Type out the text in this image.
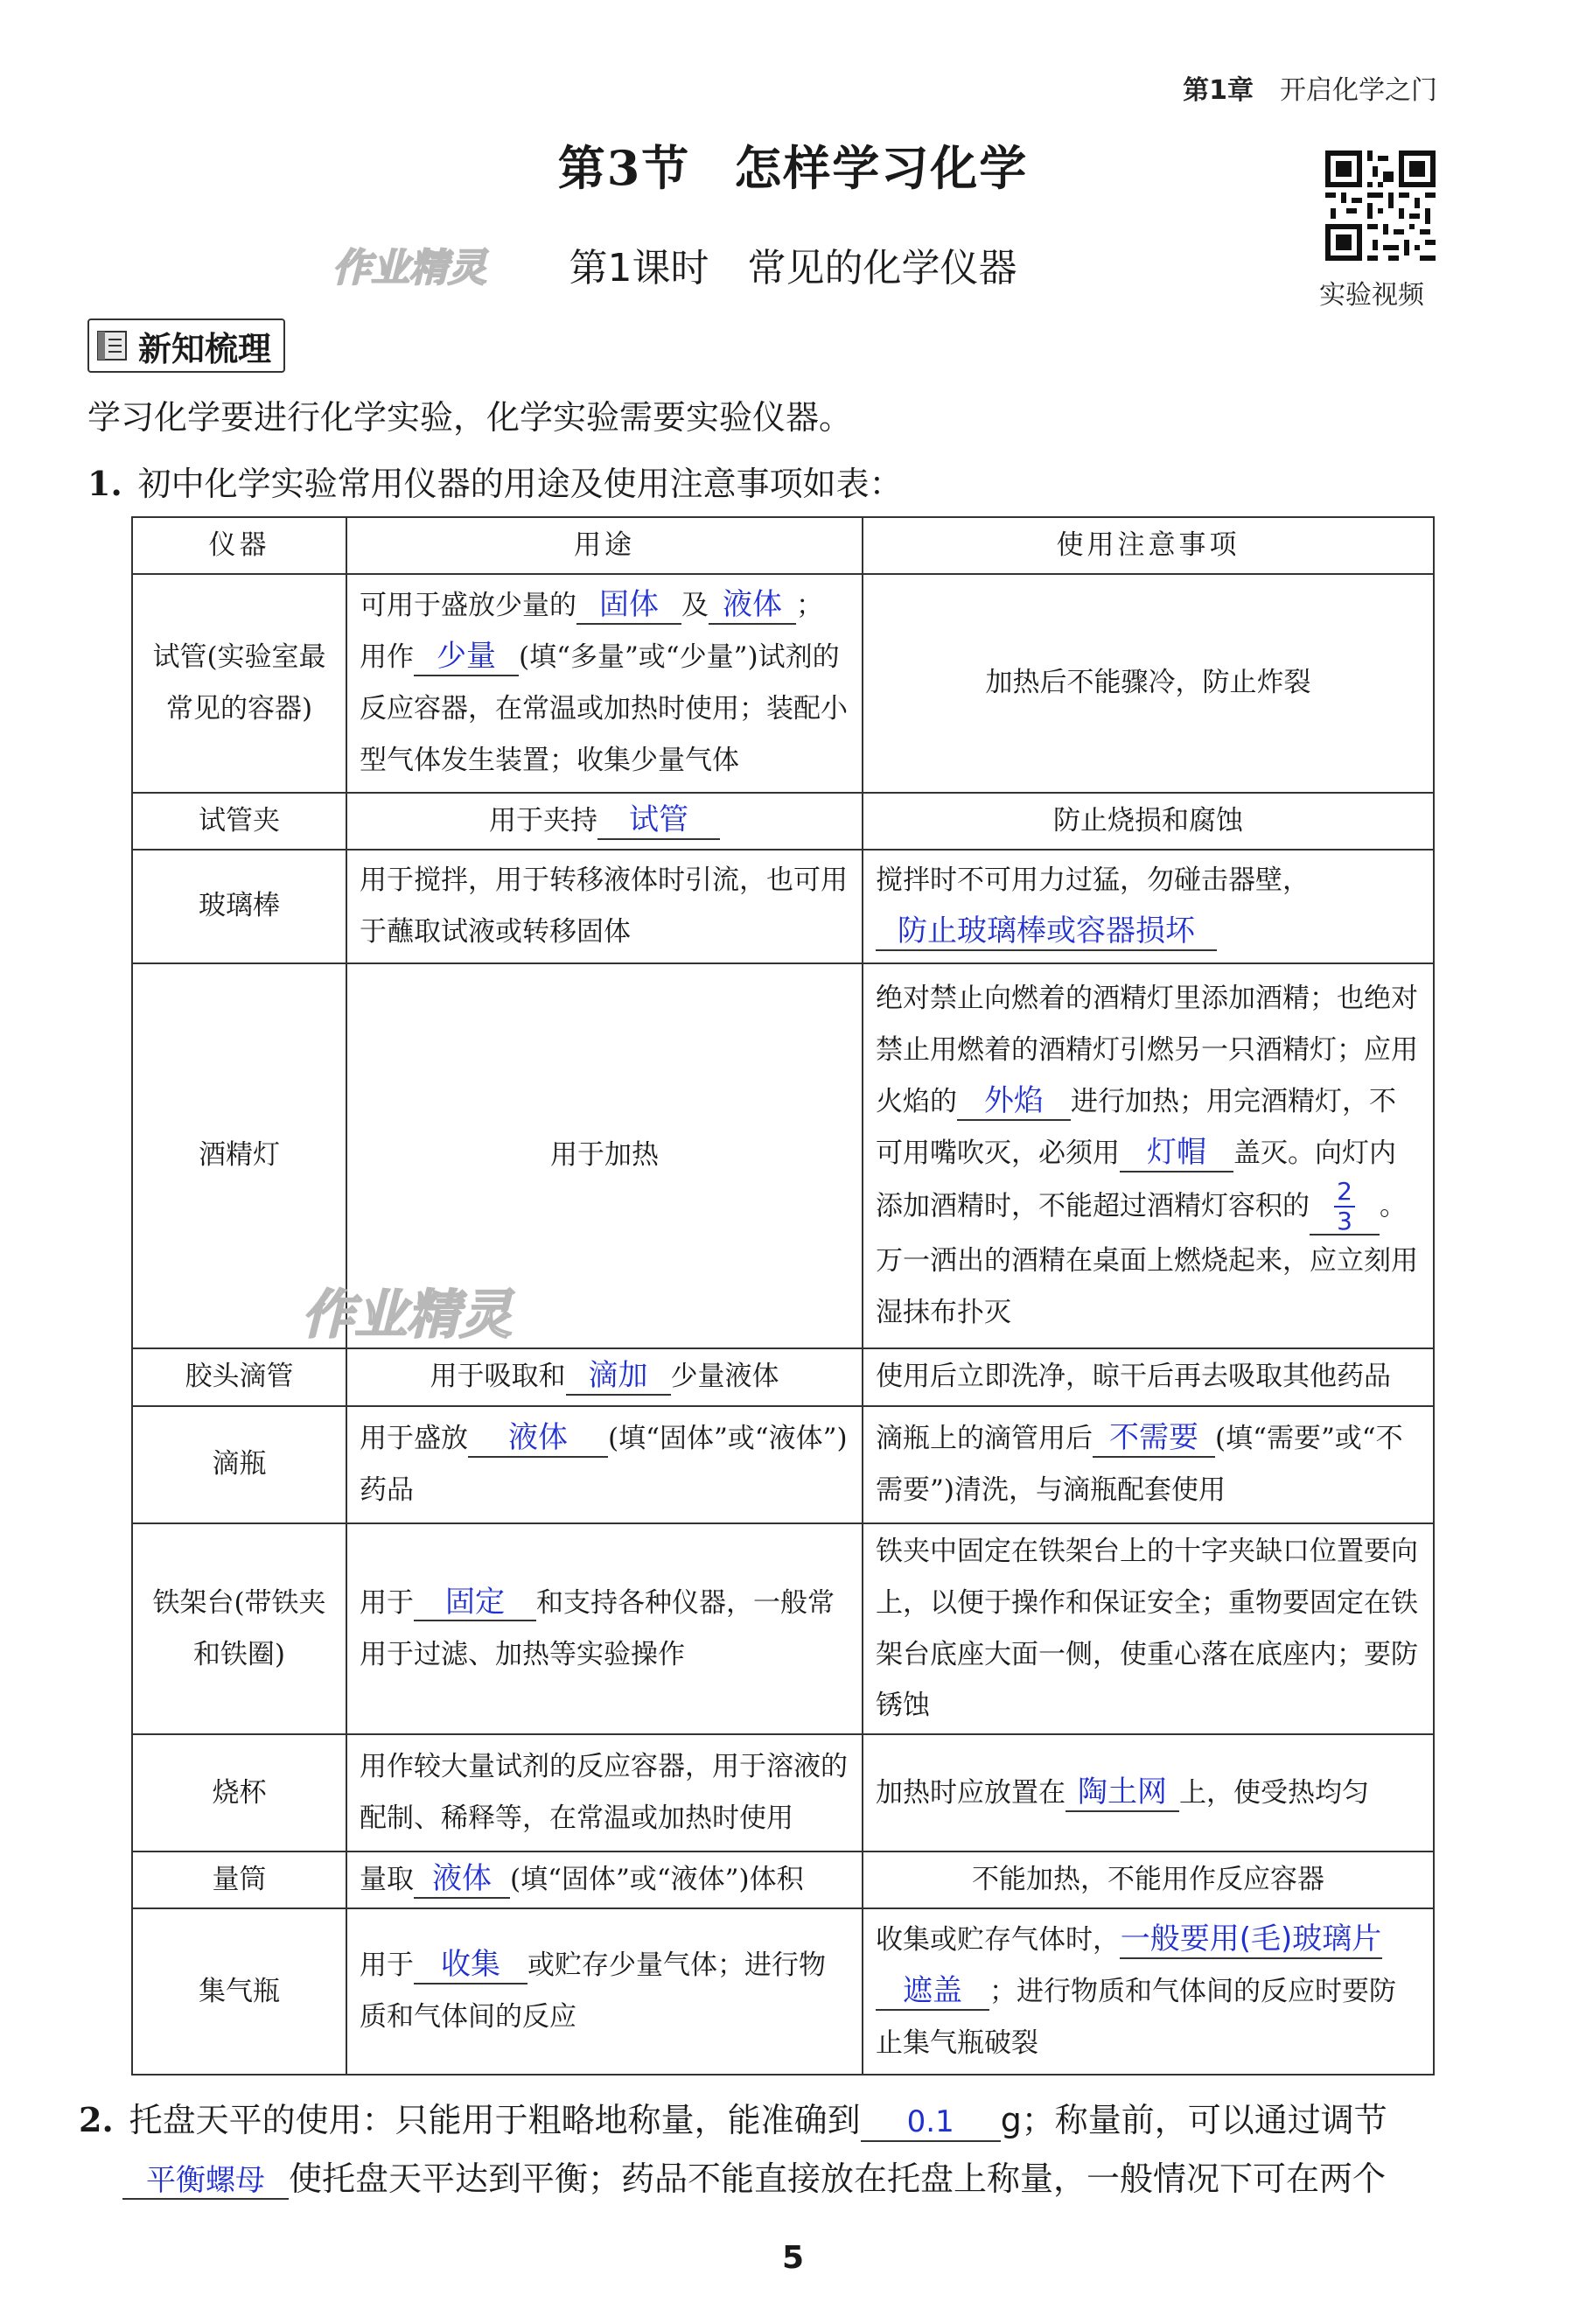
第1章 开启化学之门
第3节 怎样学习化学
作业精灵	第1课时 常见的化学仪器
实验视频
新知梳理
学习化学要进行化学实验，化学实验需要实验仪器。
1. 初中化学实验常用仪器的用途及使用注意事项如表：
仪器	用途	使用注意事项
试管(实验室最常见的容器)	可用于盛放少量的 固体 及 液体 ；用作 少量 (填“多量”或“少量”)试剂的反应容器，在常温或加热时使用；装配小型气体发生装置；收集少量气体	加热后不能骤冷，防止炸裂
试管夹	用于夹持 试管	防止烧损和腐蚀
玻璃棒	用于搅拌，用于转移液体时引流，也可用于蘸取试液或转移固体	搅拌时不可用力过猛，勿碰击器壁，防止玻璃棒或容器损坏
酒精灯	用于加热	绝对禁止向燃着的酒精灯里添加酒精；也绝对禁止用燃着的酒精灯引燃另一只酒精灯；应用火焰的 外焰 进行加热；用完酒精灯，不可用嘴吹灭，必须用 灯帽 盖灭。向灯内添加酒精时，不能超过酒精灯容积的 $\frac{2}{3}$ 。万一洒出的酒精在桌面上燃烧起来，应立刻用湿抹布扑灭
胶头滴管	用于吸取和 滴加 少量液体	使用后立即洗净，晾干后再去吸取其他药品
滴瓶	用于盛放 液体 (填“固体”或“液体”)药品	滴瓶上的滴管用后 不需要 (填“需要”或“不需要”)清洗，与滴瓶配套使用
铁架台(带铁夹和铁圈)	用于 固定 和支持各种仪器，一般常用于过滤、加热等实验操作	铁夹中固定在铁架台上的十字夹缺口位置要向上，以便于操作和保证安全；重物要固定在铁架台底座大面一侧，使重心落在底座内；要防锈蚀
烧杯	用作较大量试剂的反应容器，用于溶液的配制、稀释等，在常温或加热时使用	加热时应放置在 陶土网 上，使受热均匀
量筒	量取 液体 (填“固体”或“液体”)体积	不能加热，不能用作反应容器
集气瓶	用于 收集 或贮存少量气体；进行物质和气体间的反应	收集或贮存气体时，一般要用(毛)玻璃片遮盖 ；进行物质和气体间的反应时要防止集气瓶破裂
作业精灵
2. 托盘天平的使用：只能用于粗略地称量，能准确到 0.1 g；称量前，可以通过调节
平衡螺母 使托盘天平达到平衡；药品不能直接放在托盘上称量，一般情况下可在两个
5
